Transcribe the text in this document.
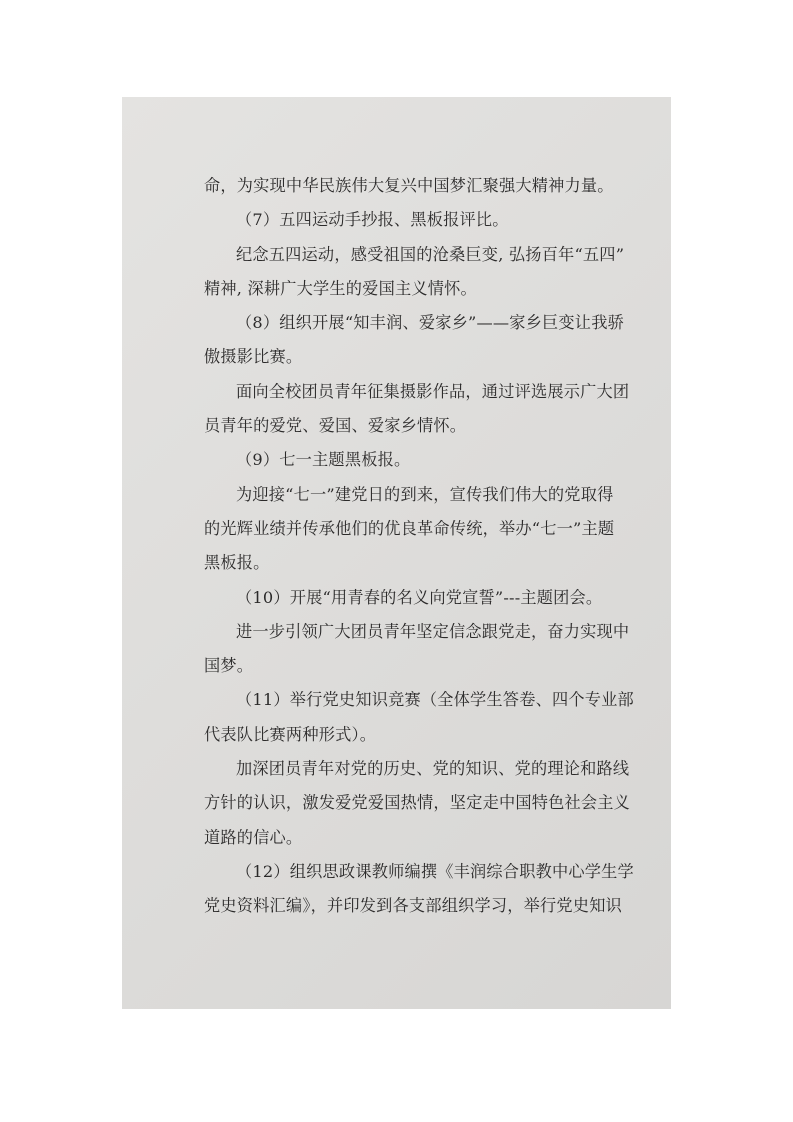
命，为实现中华民族伟大复兴中国梦汇聚强大精神力量。
（7）五四运动手抄报、黑板报评比。
纪念五四运动，感受祖国的沧桑巨变, 弘扬百年“五四”
精神, 深耕广大学生的爱国主义情怀。
（8）组织开展“知丰润、爱家乡”——家乡巨变让我骄
傲摄影比赛。
面向全校团员青年征集摄影作品，通过评选展示广大团
员青年的爱党、爱国、爱家乡情怀。
（9）七一主题黑板报。
为迎接“七一”建党日的到来，宣传我们伟大的党取得
的光辉业绩并传承他们的优良革命传统，举办“七一”主题
黑板报。
（10）开展“用青春的名义向党宣誓”---主题团会。
进一步引领广大团员青年坚定信念跟党走，奋力实现中
国梦。
（11）举行党史知识竞赛（全体学生答卷、四个专业部
代表队比赛两种形式）。
加深团员青年对党的历史、党的知识、党的理论和路线
方针的认识，激发爱党爱国热情，坚定走中国特色社会主义
道路的信心。
（12）组织思政课教师编撰《丰润综合职教中心学生学
党史资料汇编》，并印发到各支部组织学习，举行党史知识
